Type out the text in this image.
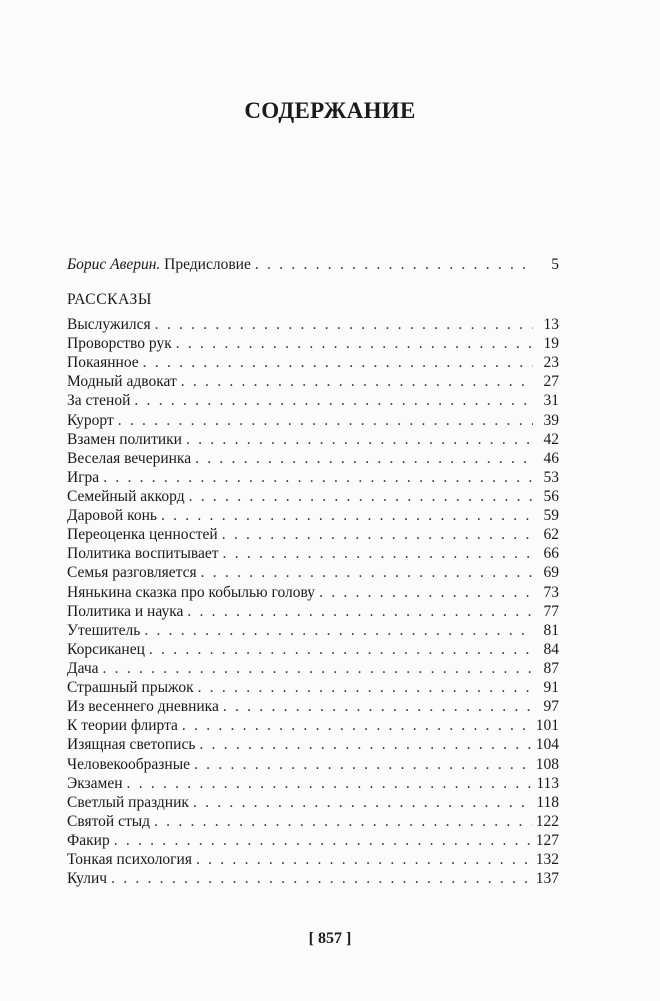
СОДЕРЖАНИЕ
Борис Аверин. Предисловие . . .	5
РАССКАЗЫ
Выслужился . . .	13
Проворство рук . . .	19
Покаянное . . .	23
Модный адвокат . . .	27
За стеной . . .	31
Курорт . . .	39
Взамен политики . . .	42
Веселая вечеринка . . .	46
Игра . . .	53
Семейный аккорд . . .	56
Даровой конь . . .	59
Переоценка ценностей . . .	62
Политика воспитывает . . .	66
Семья разговляется . . .	69
Нянькина сказка про кобылью голову . . .	73
Политика и наука . . .	77
Утешитель . . .	81
Корсиканец . . .	84
Дача . . .	87
Страшный прыжок . . .	91
Из весеннего дневника . . .	97
К теории флирта . . .	101
Изящная светопись . . .	104
Человекообразные . . .	108
Экзамен . . .	113
Светлый праздник . . .	118
Святой стыд . . .	122
Факир . . .	127
Тонкая психология . . .	132
Кулич . . .	137
[ 857 ]
